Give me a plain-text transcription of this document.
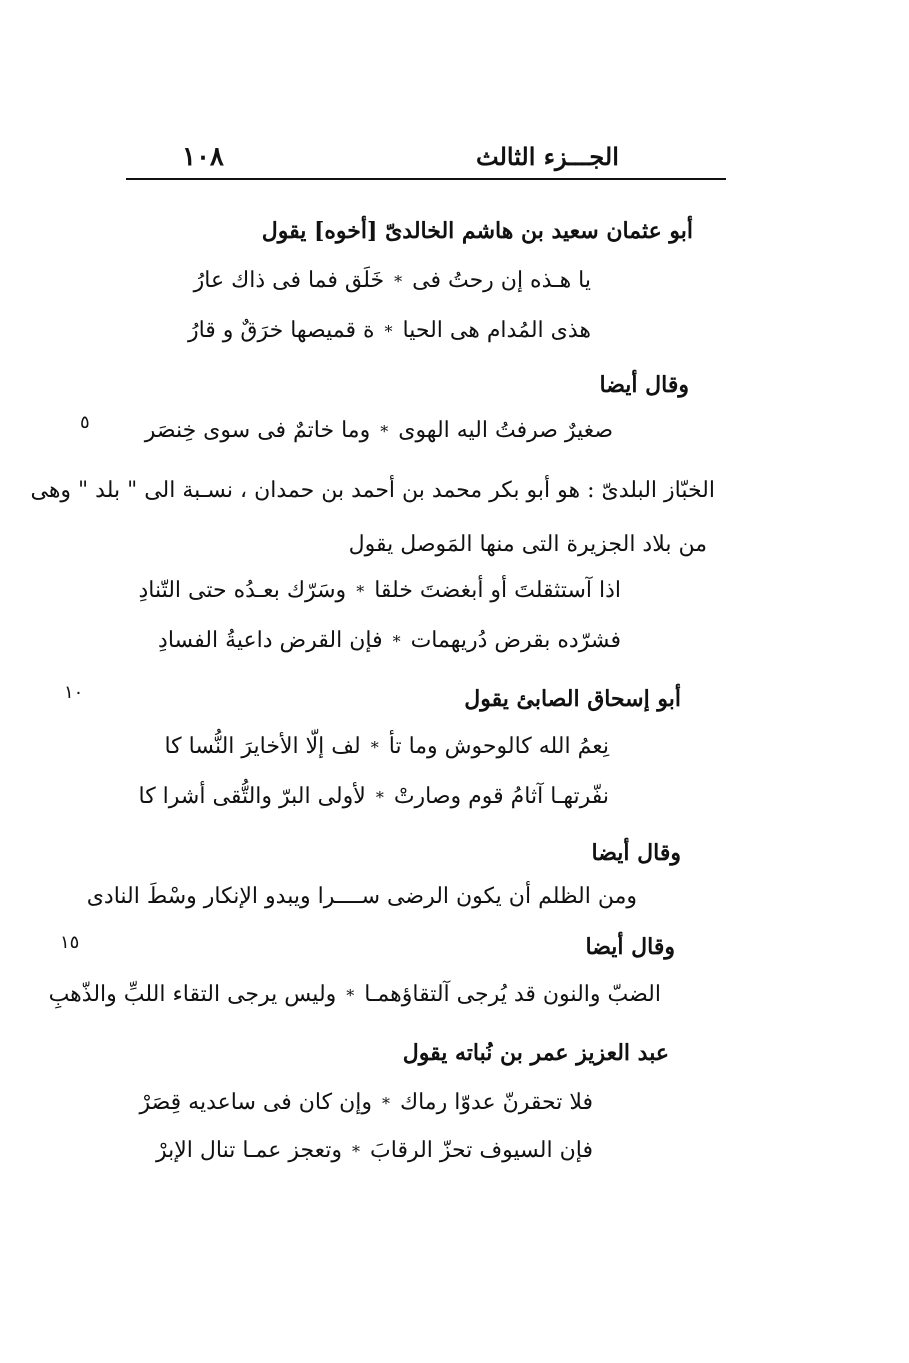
١٠٨	الجـــزء الثالث
٥
١٠
١٥
أبو عثمان سعيد بن هاشم الخالدىّ [أخوه] يقول
يا هـذه إن رحتُ فى*خَلَق فما فى ذاك عارُ
هذى المُدام هى الحيا*ة قميصها خرَقٌ و قارُ
وقال أيضا
صغيرٌ صرفتُ اليه الهوى*وما خاتمٌ فى سوى خِنصَر
الخبّاز البلدىّ : هو أبو بكر محمد بن أحمد بن حمدان ، نسـبة الى " بلد " وهى
من بلاد الجزيرة التى منها المَوصل يقول
اذا آستثقلتَ أو أبغضتَ خلقا*وسَرّك بعـدُه حتى التّنادِ
فشرّده بقرض دُريهمات*فإن القرض داعيةُ الفسادِ
أبو إسحاق الصابئ يقول
نِعمُ الله كالوحوش وما تأ*لف إلّا الأخايرَ النُّسا كا
نفّرتهـا آثامُ قوم وصارتْ*لأولى البرّ والتُّقى أشرا كا
وقال أيضا
ومن الظلم أن يكون الرضى ســــرا ويبدو الإنكار وسْطَ النادى
وقال أيضا
الضبّ والنون قد يُرجى آلتقاؤهمـا*وليس يرجى التقاء اللبِّ والذّهبِ
عبد العزيز عمر بن نُباته يقول
فلا تحقرنّ عدوّا رماك*وإن كان فى ساعديه قِصَرْ
فإن السيوف تحزّ الرقابَ*وتعجز عمـا تنال الإبرْ
